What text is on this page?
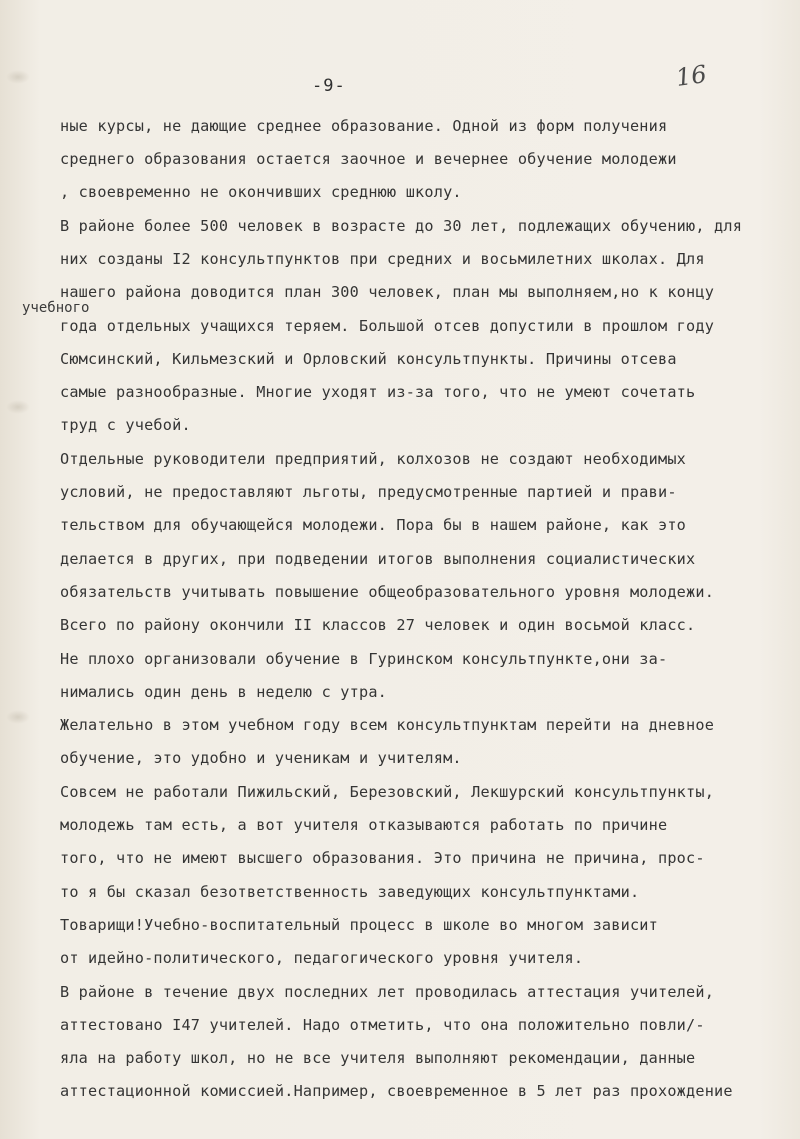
-9-	16
учебного
ные курсы, не дающие среднее образование. Одной из форм получения
среднего образования остается заочное и вечернее обучение молодежи
, своевременно не окончивших среднюю школу.
В районе более 500 человек в возрасте до 30 лет, подлежащих обучению, для
них созданы I2 консультпунктов при средних и восьмилетних школах. Для
нашего района доводится план 300 человек, план мы выполняем,но к концу
года отдельных учащихся теряем. Большой отсев допустили в прошлом году
Сюмсинский, Кильмезский и Орловский консультпункты. Причины отсева
самые разнообразные. Многие уходят из-за того, что не умеют сочетать
труд с учебой.
Отдельные руководители предприятий, колхозов не создают необходимых
условий, не предоставляют льготы, предусмотренные партией и прави-
тельством для обучающейся молодежи. Пора бы в нашем районе, как это
делается в других, при подведении итогов выполнения социалистических
обязательств учитывать повышение общеобразовательного уровня молодежи.
Всего по району окончили II классов 27 человек и один восьмой класс.
Не плохо организовали обучение в Гуринском консультпункте,они за-
нимались один день в неделю с утра.
Желательно в этом учебном году всем консультпунктам перейти на дневное
обучение, это удобно и ученикам и учителям.
Совсем не работали Пижильский, Березовский, Лекшурский консультпункты,
молодежь там есть, а вот учителя отказываются работать по причине
того, что не имеют высшего образования. Это причина не причина, прос-
то я бы сказал безответственность заведующих консультпунктами.
Товарищи!Учебно-воспитательный процесс в школе во многом зависит
от идейно-политического, педагогического уровня учителя.
В районе в течение двух последних лет проводилась аттестация учителей,
аттестовано I47 учителей. Надо отметить, что она положительно повли/-
яла на работу школ, но не все учителя выполняют рекомендации, данные
аттестационной комиссией.Например, своевременное в 5 лет раз прохождение
